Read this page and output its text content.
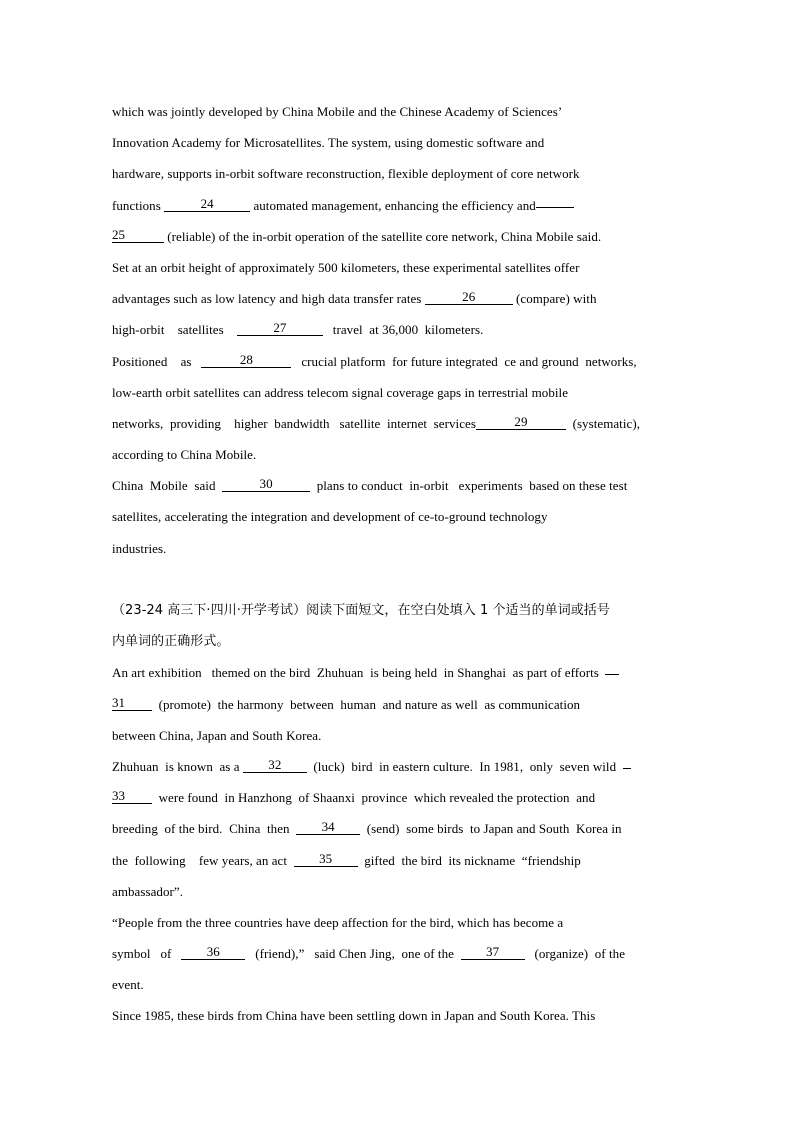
which was jointly developed by China Mobile and the Chinese Academy of Sciences’
Innovation Academy for Microsatellites. The system, using domestic software and
hardware, supports in-orbit software reconstruction, flexible deployment of core network
functions	24	automated management, enhancing the efficiency and
25	(reliable) of the in-orbit operation of the satellite core network, China Mobile said.
Set at an orbit height of approximately 500 kilometers, these experimental satellites offer
advantages such as low latency and high data transfer rates	26	(compare) with
high-orbit    satellites	27	travel  at 36,000  kilometers.
Positioned    as	28	crucial platform  for future integrated  ce and ground  networks,
low-earth orbit satellites can address telecom signal coverage gaps in terrestrial mobile
networks,  providing    higher  bandwidth   satellite  internet  services	29	(systematic),
according to China Mobile.
China  Mobile  said	30	plans to conduct  in-orbit   experiments  based on these test
satellites, accelerating the integration and development of ce-to-ground technology
industries.
（23-24 高三下·四川·开学考试）阅读下面短文，在空白处填入 1 个适当的单词或括号
内单词的正确形式。
An art exhibition   themed on the bird  Zhuhuan  is being held  in Shanghai  as part of efforts
31  (promote)  the harmony  between  human  and nature as well  as communication
between China, Japan and South Korea.
Zhuhuan  is known  as a 32  (luck)  bird  in eastern culture.  In 1981,  only  seven wild
33  were found  in Hanzhong  of Shaanxi  province  which revealed the protection  and
breeding  of the bird.  China  then  34  (send)  some birds  to Japan and South  Korea in
the  following    few years, an act  35  gifted  the bird  its nickname  “friendship
ambassador”.
“People from the three countries have deep affection for the bird, which has become a
symbol   of   36   (friend),”   said Chen Jing,  one of the  37   (organize)  of the
event.
Since 1985, these birds from China have been settling down in Japan and South Korea. This
